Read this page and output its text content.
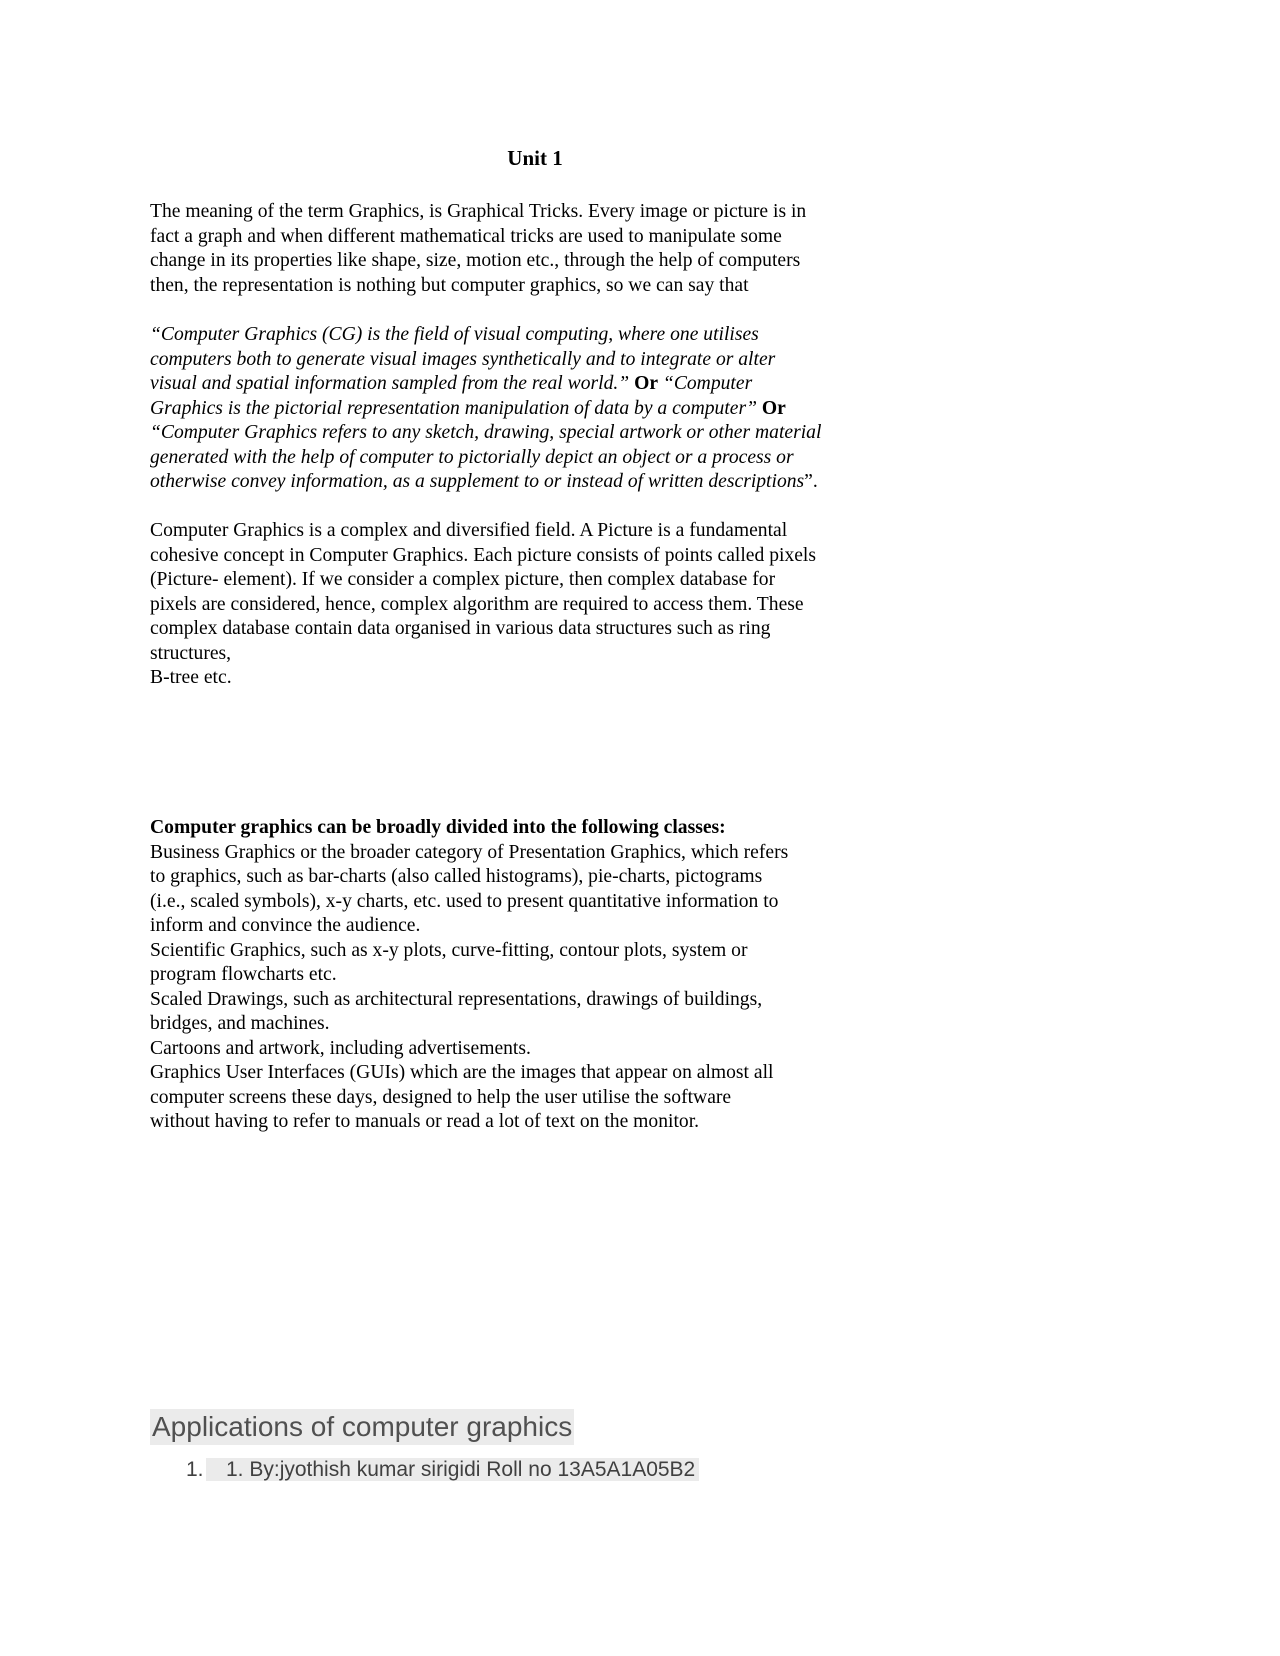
Unit 1

The meaning of the term Graphics, is Graphical Tricks. Every image or picture is in
fact a graph and when different mathematical tricks are used to manipulate some
change in its properties like shape, size, motion etc., through the help of computers
then, the representation is nothing but computer graphics, so we can say that

“Computer Graphics (CG) is the field of visual computing, where one utilises
computers both to generate visual images synthetically and to integrate or alter
visual and spatial information sampled from the real world.” Or “Computer
Graphics is the pictorial representation manipulation of data by a computer” Or
“Computer Graphics refers to any sketch, drawing, special artwork or other material
generated with the help of computer to pictorially depict an object or a process or
otherwise convey information, as a supplement to or instead of written descriptions”.

Computer Graphics is a complex and diversified field. A Picture is a fundamental
cohesive concept in Computer Graphics. Each picture consists of points called pixels
(Picture- element). If we consider a complex picture, then complex database for
pixels are considered, hence, complex algorithm are required to access them. These
complex database contain data organised in various data structures such as ring
structures,
B-tree etc.

Computer graphics can be broadly divided into the following classes:
Business Graphics or the broader category of Presentation Graphics, which refers
to graphics, such as bar-charts (also called histograms), pie-charts, pictograms
(i.e., scaled symbols), x-y charts, etc. used to present quantitative information to
inform and convince the audience.
Scientific Graphics, such as x-y plots, curve-fitting, contour plots, system or
program flowcharts etc.
Scaled Drawings, such as architectural representations, drawings of buildings,
bridges, and machines.
Cartoons and artwork, including advertisements.
Graphics User Interfaces (GUIs) which are the images that appear on almost all
computer screens these days, designed to help the user utilise the software
without having to refer to manuals or read a lot of text on the monitor.

Applications of computer graphics
1. 1. By:jyothish kumar sirigidi Roll no 13A5A1A05B2
